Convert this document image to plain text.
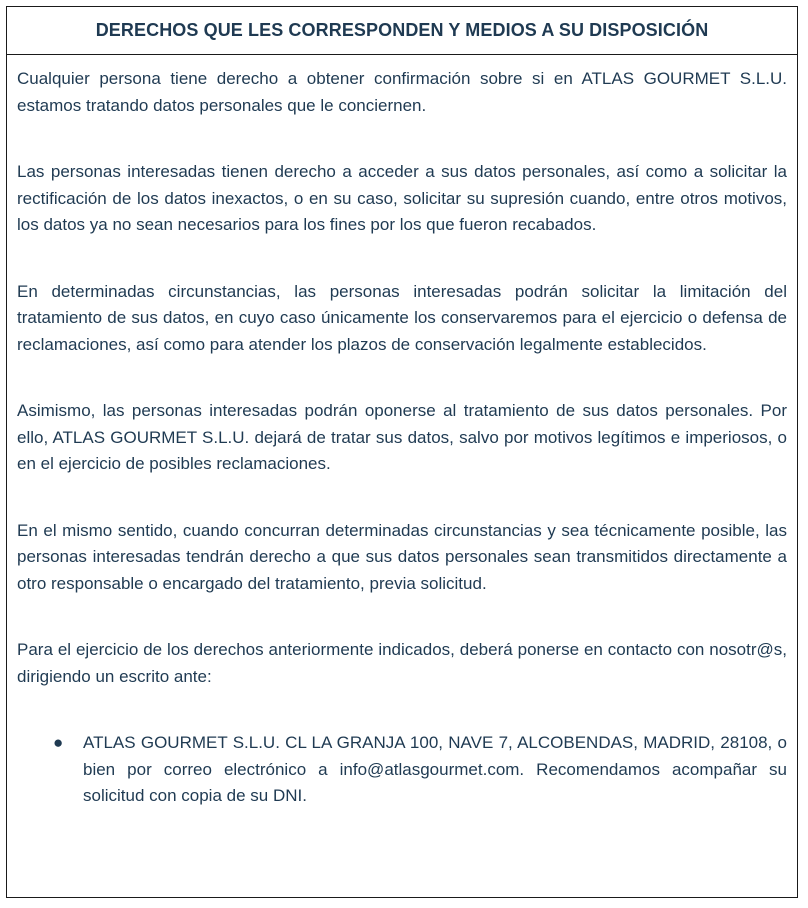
DERECHOS QUE LES CORRESPONDEN Y MEDIOS A SU DISPOSICIÓN

Cualquier persona tiene derecho a obtener confirmación sobre si en ATLAS GOURMET S.L.U. estamos tratando datos personales que le conciernen.

Las personas interesadas tienen derecho a acceder a sus datos personales, así como a solicitar la rectificación de los datos inexactos, o en su caso, solicitar su supresión cuando, entre otros motivos, los datos ya no sean necesarios para los fines por los que fueron recabados.

En determinadas circunstancias, las personas interesadas podrán solicitar la limitación del tratamiento de sus datos, en cuyo caso únicamente los conservaremos para el ejercicio o defensa de reclamaciones, así como para atender los plazos de conservación legalmente establecidos.

Asimismo, las personas interesadas podrán oponerse al tratamiento de sus datos personales. Por ello, ATLAS GOURMET S.L.U. dejará de tratar sus datos, salvo por motivos legítimos e imperiosos, o en el ejercicio de posibles reclamaciones.

En el mismo sentido, cuando concurran determinadas circunstancias y sea técnicamente posible, las personas interesadas tendrán derecho a que sus datos personales sean transmitidos directamente a otro responsable o encargado del tratamiento, previa solicitud.

Para el ejercicio de los derechos anteriormente indicados, deberá ponerse en contacto con nosotr@s, dirigiendo un escrito ante:

● ATLAS GOURMET S.L.U. CL LA GRANJA 100, NAVE 7, ALCOBENDAS, MADRID, 28108, o bien por correo electrónico a info@atlasgourmet.com. Recomendamos acompañar su solicitud con copia de su DNI.
